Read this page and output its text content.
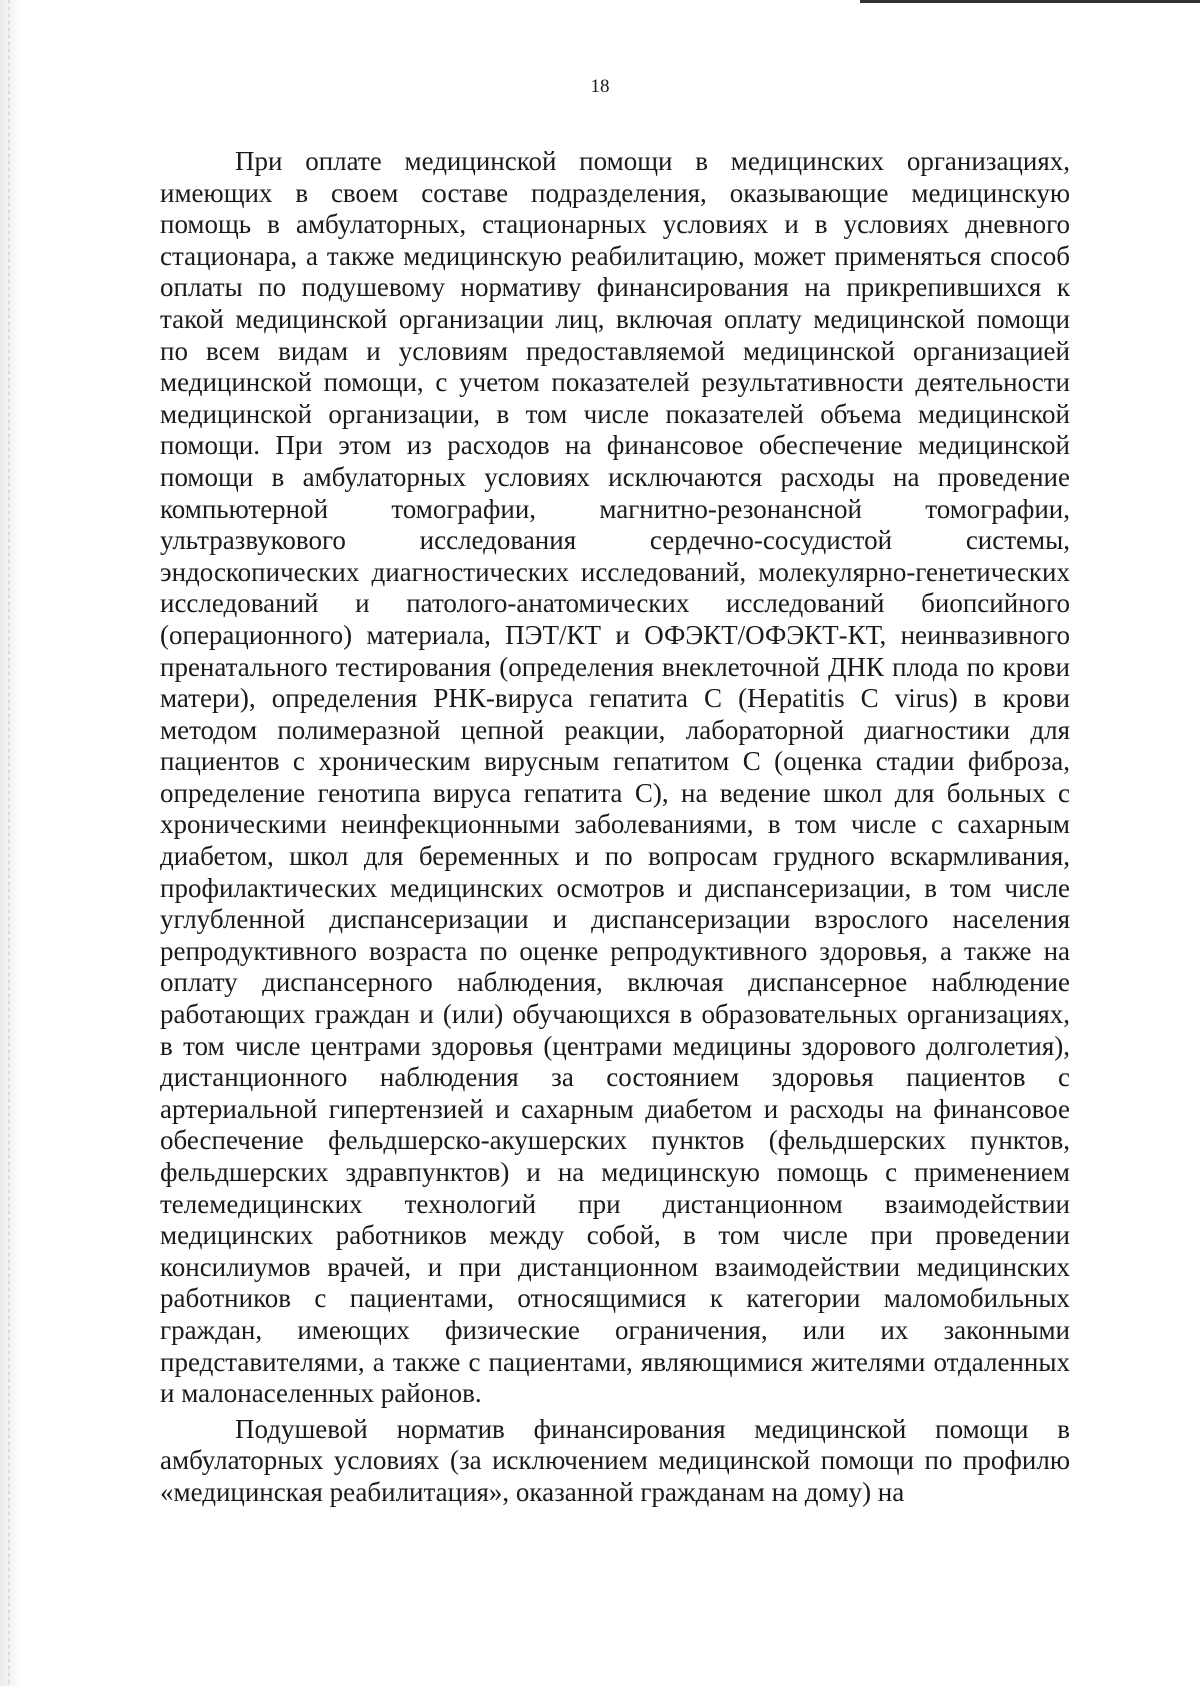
18

При оплате медицинской помощи в медицинских организациях, имеющих в своем составе подразделения, оказывающие медицинскую помощь в амбулаторных, стационарных условиях и в условиях дневного стационара, а также медицинскую реабилитацию, может применяться способ оплаты по подушевому нормативу финансирования на прикрепившихся к такой медицинской организации лиц, включая оплату медицинской помощи по всем видам и условиям предоставляемой медицинской организацией медицинской помощи, с учетом показателей результативности деятельности медицинской организации, в том числе показателей объема медицинской помощи. При этом из расходов на финансовое обеспечение медицинской помощи в амбулаторных условиях исключаются расходы на проведение компьютерной томографии, магнитно-резонансной томографии, ультразвукового исследования сердечно-сосудистой системы, эндоскопических диагностических исследований, молекулярно-генетических исследований и патолого-анатомических исследований биопсийного (операционного) материала, ПЭТ/КТ и ОФЭКТ/ОФЭКТ-КТ, неинвазивного пренатального тестирования (определения внеклеточной ДНК плода по крови матери), определения РНК-вируса гепатита С (Hepatitis C virus) в крови методом полимеразной цепной реакции, лабораторной диагностики для пациентов с хроническим вирусным гепатитом С (оценка стадии фиброза, определение генотипа вируса гепатита С), на ведение школ для больных с хроническими неинфекционными заболеваниями, в том числе с сахарным диабетом, школ для беременных и по вопросам грудного вскармливания, профилактических медицинских осмотров и диспансеризации, в том числе углубленной диспансеризации и диспансеризации взрослого населения репродуктивного возраста по оценке репродуктивного здоровья, а также на оплату диспансерного наблюдения, включая диспансерное наблюдение работающих граждан и (или) обучающихся в образовательных организациях, в том числе центрами здоровья (центрами медицины здорового долголетия), дистанционного наблюдения за состоянием здоровья пациентов с артериальной гипертензией и сахарным диабетом и расходы на финансовое обеспечение фельдшерско-акушерских пунктов (фельдшерских пунктов, фельдшерских здравпунктов) и на медицинскую помощь с применением телемедицинских технологий при дистанционном взаимодействии медицинских работников между собой, в том числе при проведении консилиумов врачей, и при дистанционном взаимодействии медицинских работников с пациентами, относящимися к категории маломобильных граждан, имеющих физические ограничения, или их законными представителями, а также с пациентами, являющимися жителями отдаленных и малонаселенных районов.

Подушевой норматив финансирования медицинской помощи в амбулаторных условиях (за исключением медицинской помощи по профилю «медицинская реабилитация», оказанной гражданам на дому) на
